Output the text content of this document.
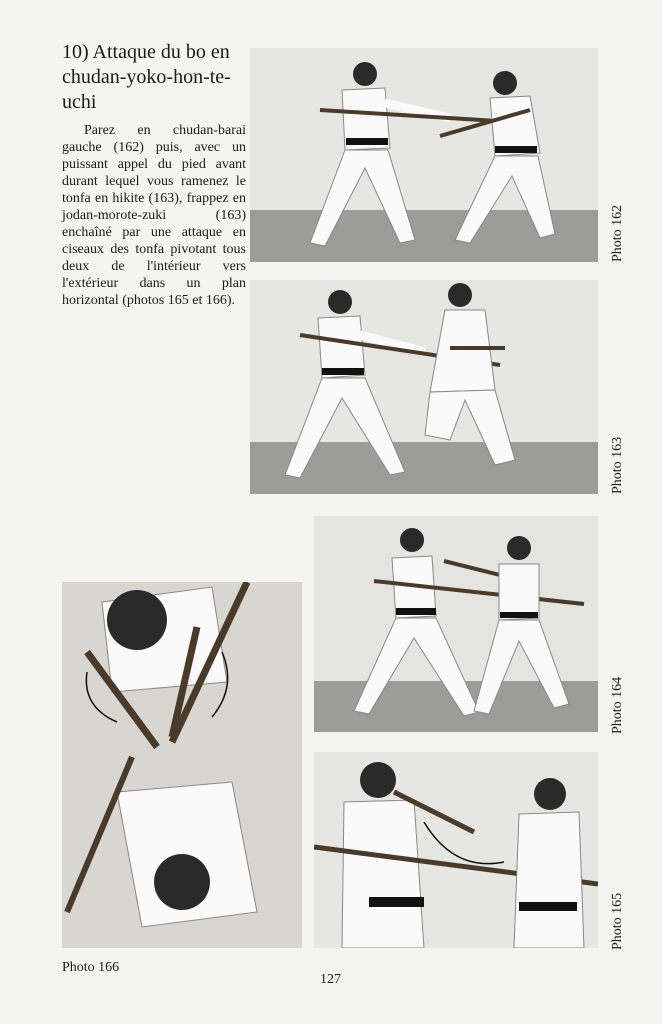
10) Attaque du bo en chudan-yoko-hon-te-uchi

Parez en chudan-barai gauche (162) puis, avec un puissant appel du pied avant durant lequel vous ramenez le tonfa en hikite (163), frappez en jodan-morote-zuki (163) enchaîné par une attaque en ciseaux des tonfa pivotant tous deux de l'intérieur vers l'extérieur dans un plan horizontal (photos 165 et 166).

Photo 162
Photo 163
Photo 164
Photo 165
Photo 166
127
